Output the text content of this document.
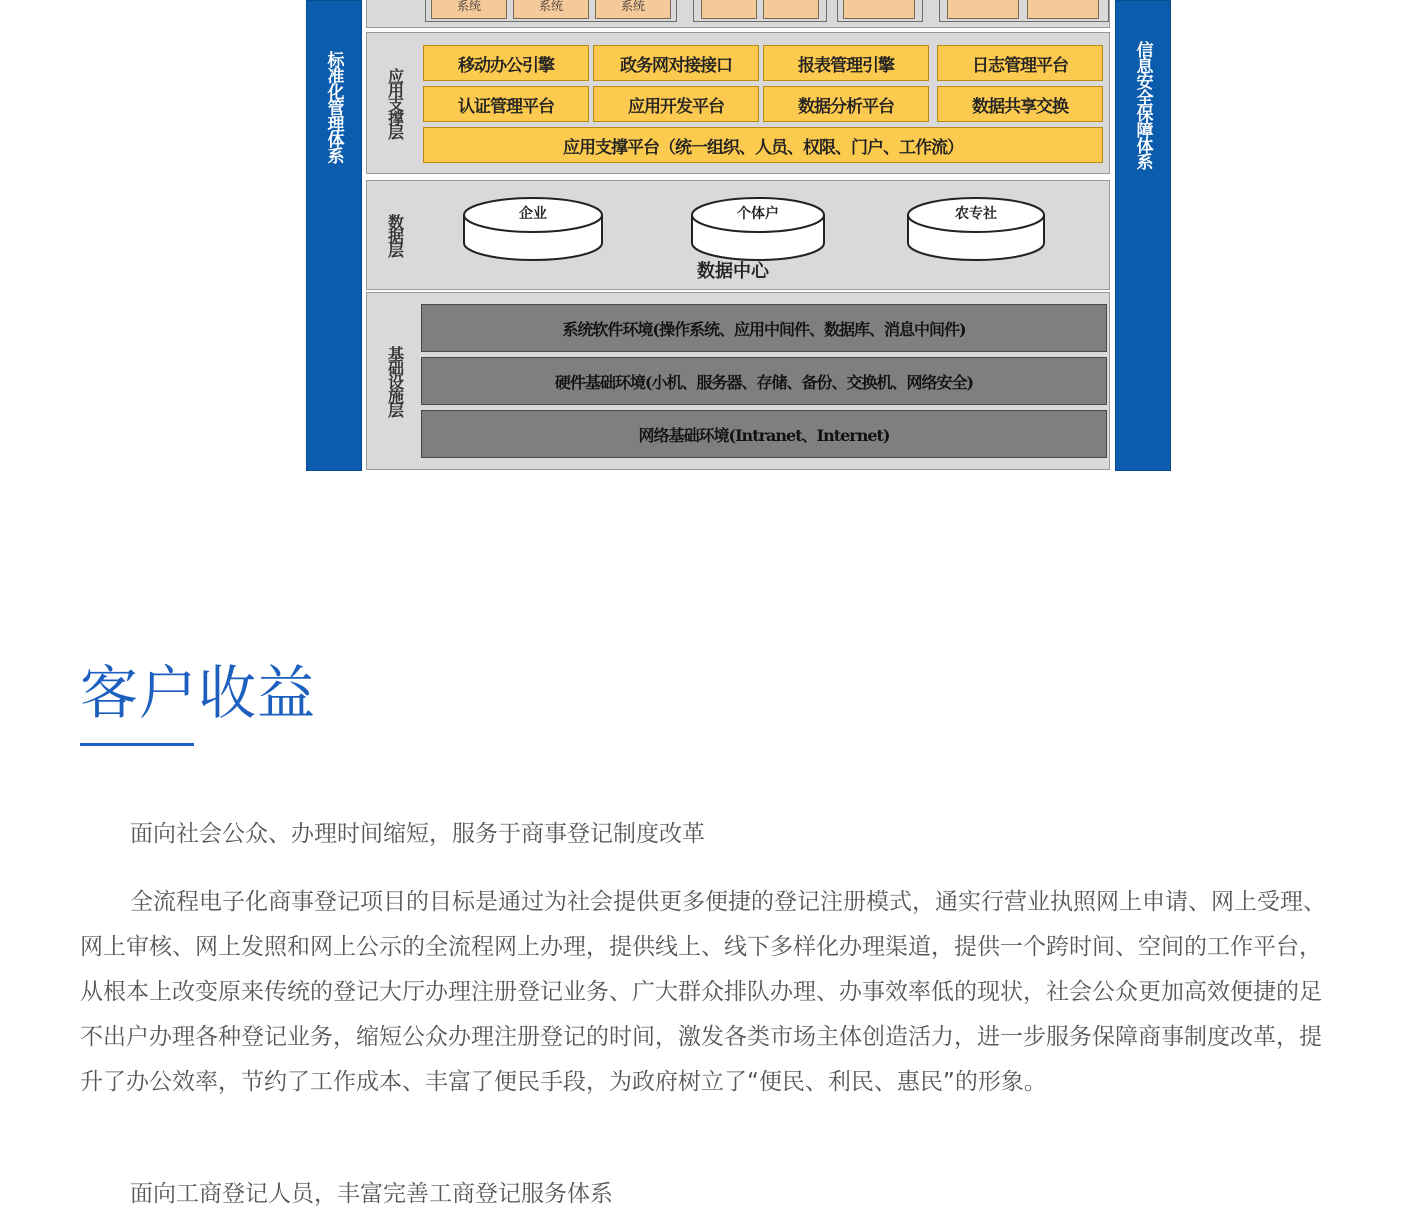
标准化管理体系	信息安全保障体系
系统	系统	系统
应用支撑层
移动办公引擎	政务网对接接口	报表管理引擎	日志管理平台
认证管理平台	应用开发平台	数据分析平台	数据共享交换
应用支撑平台（统一组织、人员、权限、门户、工作流）
数据层	企业	个体户	农专社
数据中心
基础设施层
系统软件环境(操作系统、应用中间件、数据库、消息中间件)
硬件基础环境(小机、服务器、存储、备份、交换机、网络安全)
网络基础环境(Intranet、Internet)
客户收益

面向社会公众、办理时间缩短，服务于商事登记制度改革

全流程电子化商事登记项目的目标是通过为社会提供更多便捷的登记注册模式，通实行营业执照网上申请、网上受理、网上审核、网上发照和网上公示的全流程网上办理，提供线上、线下多样化办理渠道，提供一个跨时间、空间的工作平台，从根本上改变原来传统的登记大厅办理注册登记业务、广大群众排队办理、办事效率低的现状，社会公众更加高效便捷的足不出户办理各种登记业务，缩短公众办理注册登记的时间，激发各类市场主体创造活力，进一步服务保障商事制度改革，提升了办公效率，节约了工作成本、丰富了便民手段，为政府树立了“便民、利民、惠民”的形象。

面向工商登记人员，丰富完善工商登记服务体系
